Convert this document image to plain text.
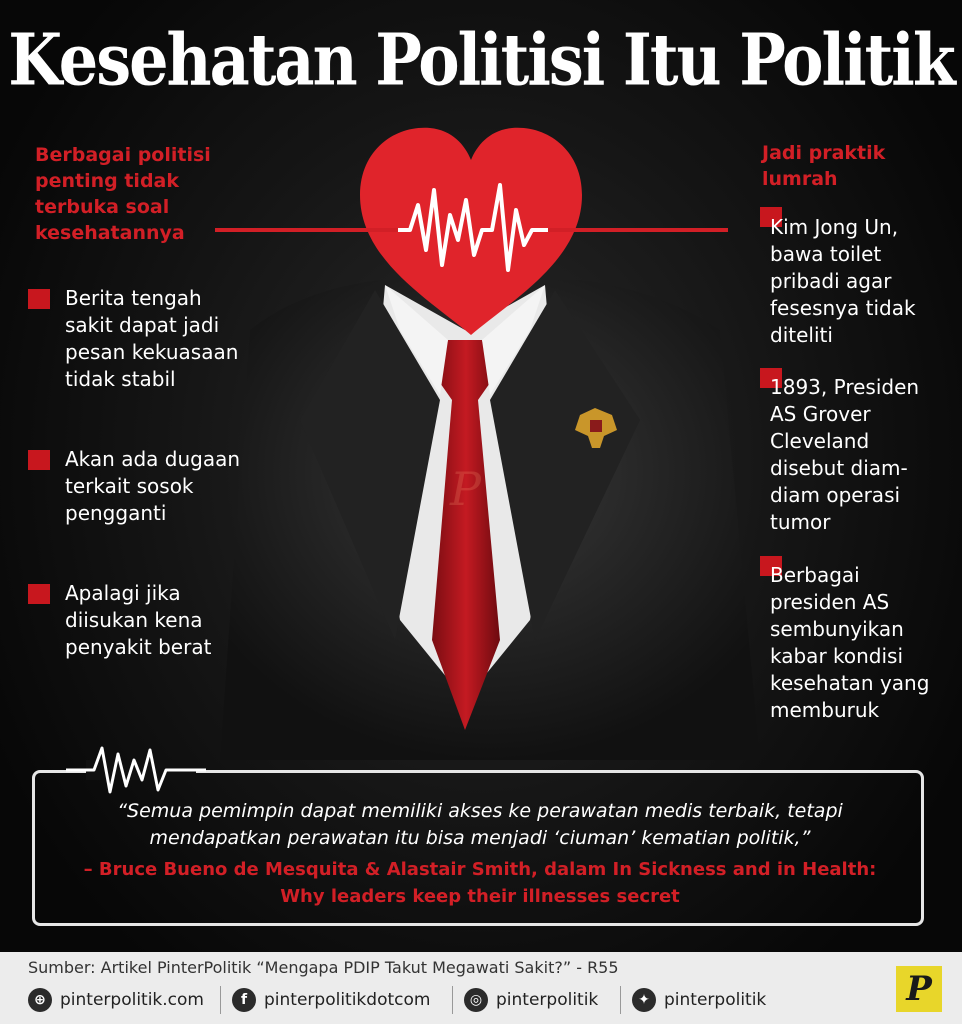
P
Kesehatan Politisi Itu Politik
Berbagai politisi
penting tidak
terbuka soal
kesehatannya
Berita tengah
sakit dapat jadi
pesan kekuasaan
tidak stabil
Akan ada dugaan
terkait sosok
pengganti
Apalagi jika
diisukan kena
penyakit berat
Jadi praktik
lumrah
Kim Jong Un,
bawa toilet
pribadi agar
fesesnya tidak
diteliti
1893, Presiden
AS Grover
Cleveland
disebut diam-
diam operasi
tumor
Berbagai
presiden AS
sembunyikan
kabar kondisi
kesehatan yang
memburuk
“Semua pemimpin dapat memiliki akses ke perawatan medis terbaik, tetapi
mendapatkan perawatan itu bisa menjadi ‘ciuman’ kematian politik,”
– Bruce Bueno de Mesquita & Alastair Smith, dalam In Sickness and in Health:
Why leaders keep their illnesses secret
Sumber: Artikel PinterPolitik “Mengapa PDIP Takut Megawati Sakit?” - R55
⊕ pinterpolitik.com	f pinterpolitikdotcom	◎ pinterpolitik	✦ pinterpolitik	P
